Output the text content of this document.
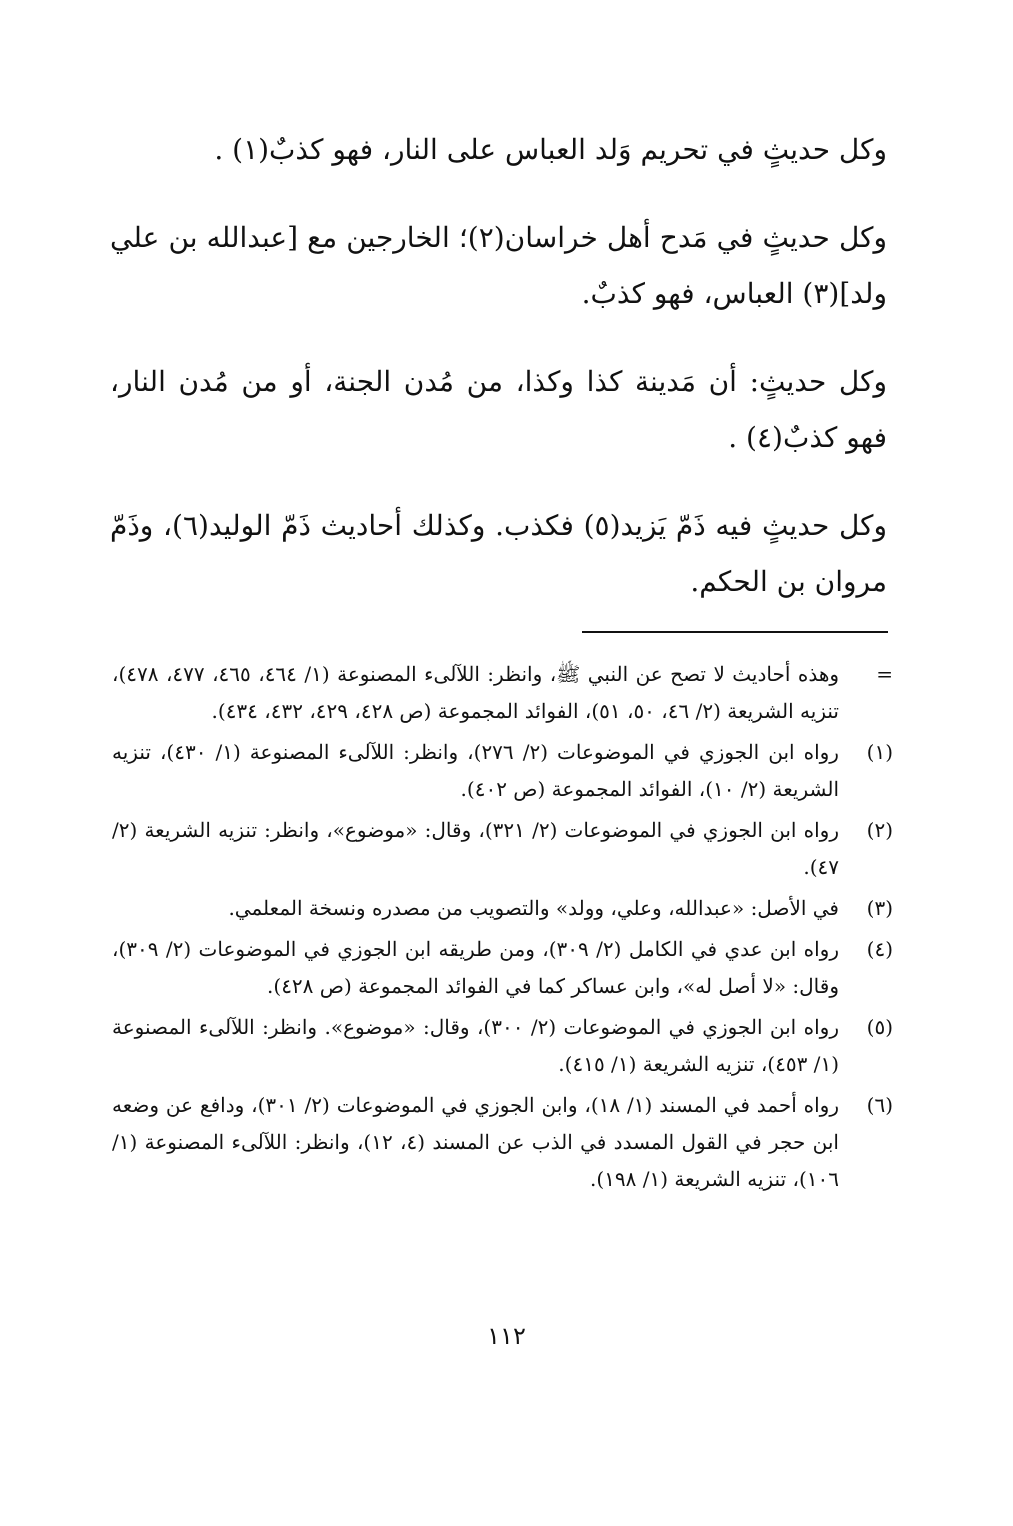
وكل حديثٍ في تحريم وَلد العباس على النار، فهو كذبٌ(١) .

وكل حديثٍ في مَدح أهل خراسان(٢)؛ الخارجين مع [عبدالله بن علي ولد](٣) العباس، فهو كذبٌ.

وكل حديثٍ: أن مَدينة كذا وكذا، من مُدن الجنة، أو من مُدن النار، فهو كذبٌ(٤) .

وكل حديثٍ فيه ذَمّ يَزيد(٥) فكذب. وكذلك أحاديث ذَمّ الوليد(٦)، وذَمّ مروان بن الحكم.

=
وهذه أحاديث لا تصح عن النبي ﷺ، وانظر: اللآلىء المصنوعة (١/ ٤٦٤، ٤٦٥، ٤٧٧، ٤٧٨)، تنزيه الشريعة (٢/ ٤٦، ٥٠، ٥١)، الفوائد المجموعة (ص ٤٢٨، ٤٢٩، ٤٣٢، ٤٣٤).
(١)
رواه ابن الجوزي في الموضوعات (٢/ ٢٧٦)، وانظر: اللآلىء المصنوعة (١/ ٤٣٠)، تنزيه الشريعة (٢/ ١٠)، الفوائد المجموعة (ص ٤٠٢).
(٢)
رواه ابن الجوزي في الموضوعات (٢/ ٣٢١)، وقال: «موضوع»، وانظر: تنزيه الشريعة (٢/ ٤٧).
(٣)
في الأصل: «عبدالله، وعلي، وولد» والتصويب من مصدره ونسخة المعلمي.
(٤)
رواه ابن عدي في الكامل (٢/ ٣٠٩)، ومن طريقه ابن الجوزي في الموضوعات (٢/ ٣٠٩)، وقال: «لا أصل له»، وابن عساكر كما في الفوائد المجموعة (ص ٤٢٨).
(٥)
رواه ابن الجوزي في الموضوعات (٢/ ٣٠٠)، وقال: «موضوع». وانظر: اللآلىء المصنوعة (١/ ٤٥٣)، تنزيه الشريعة (١/ ٤١٥).
(٦)
رواه أحمد في المسند (١/ ١٨)، وابن الجوزي في الموضوعات (٢/ ٣٠١)، ودافع عن وضعه ابن حجر في القول المسدد في الذب عن المسند (٤، ١٢)، وانظر: اللآلىء المصنوعة (١/ ١٠٦)، تنزيه الشريعة (١/ ١٩٨).
١١٢
